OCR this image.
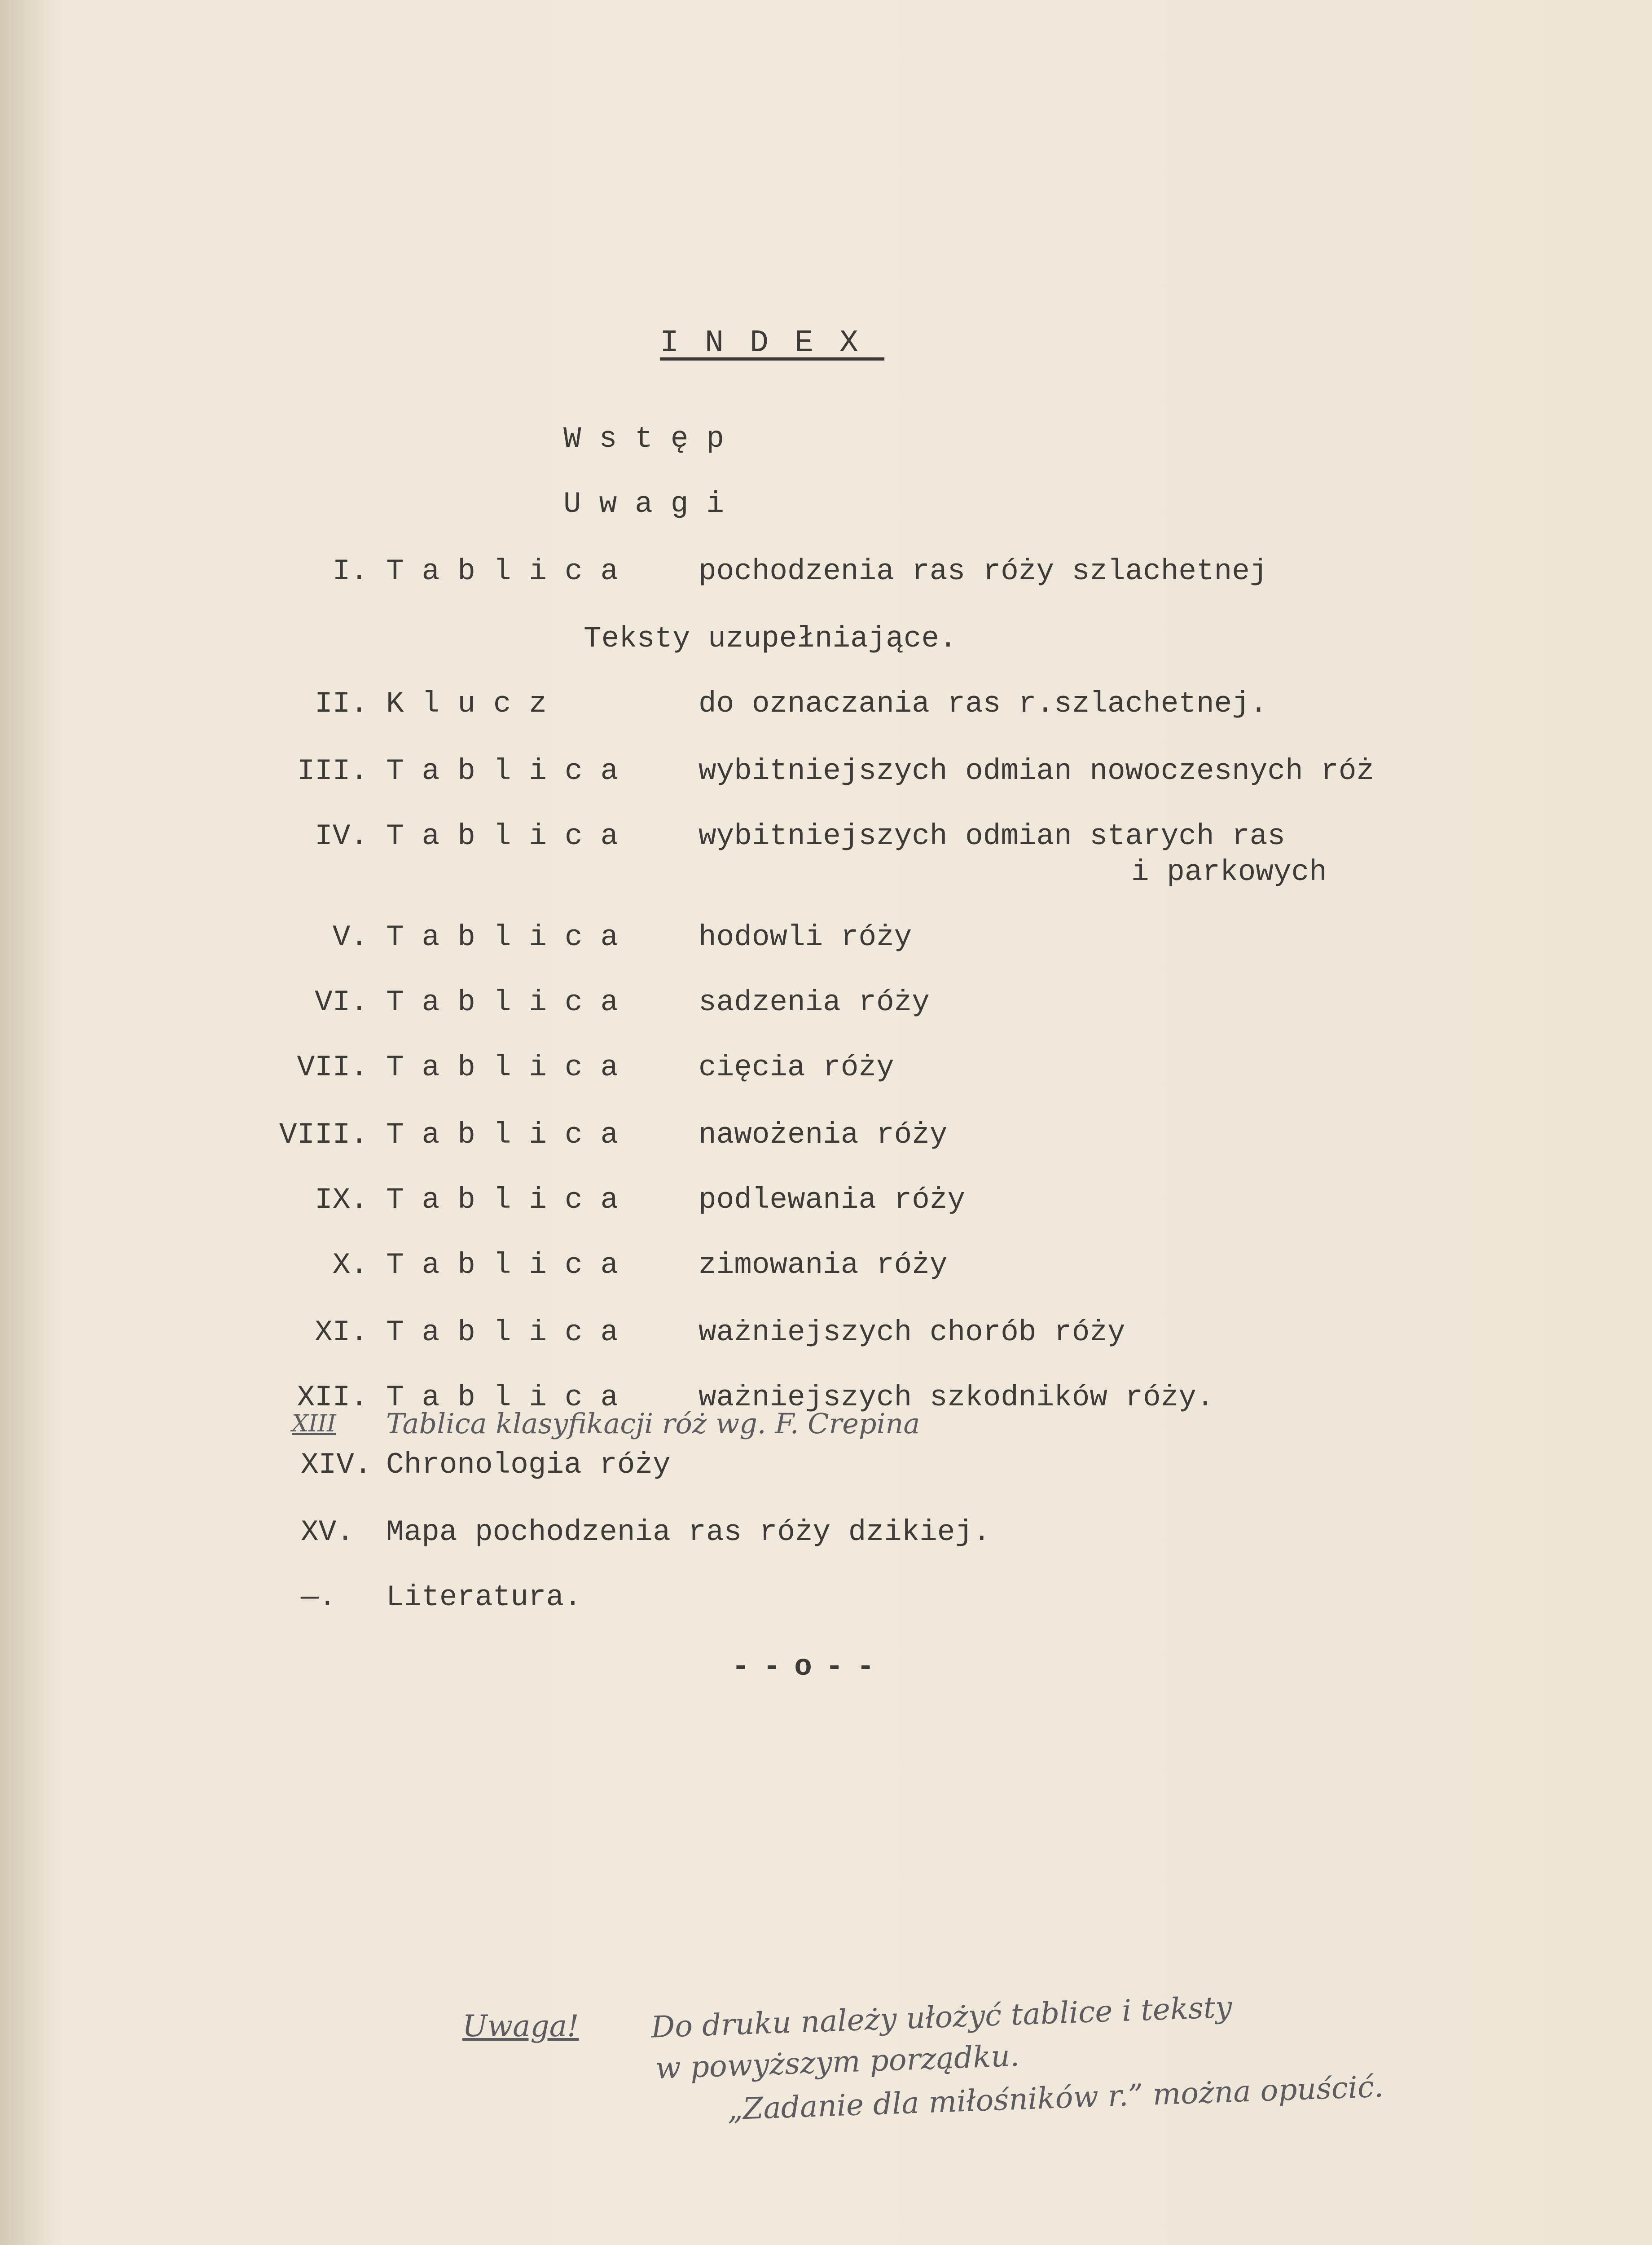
INDEX
Wstęp
Uwagi
I. Tablica pochodzenia ras róży szlachetnej
Teksty uzupełniające.
II. Klucz	do oznaczania ras r.szlachetnej.
III. Tablica wybitniejszych odmian nowoczesnych róż
IV. Tablica wybitniejszych odmian starych ras
i parkowych
V. Tablica hodowli róży
VI. Tablica sadzenia róży
VII. Tablica cięcia róży
VIII. Tablica nawożenia róży
IX. Tablica podlewania róży
X. Tablica zimowania róży
XI. Tablica ważniejszych chorób róży
XII. Tablica ważniejszych szkodników róży.
XIII Tablica klasyfikacji róż wg. F. Crepina
XIV. Chronologia róży
XV. Mapa pochodzenia ras róży dzikiej.
—. Literatura.
--o--
Uwaga! Do druku należy ułożyć tablice i teksty
w powyższym porządku.
„Zadanie dla miłośników r.” można opuścić.
